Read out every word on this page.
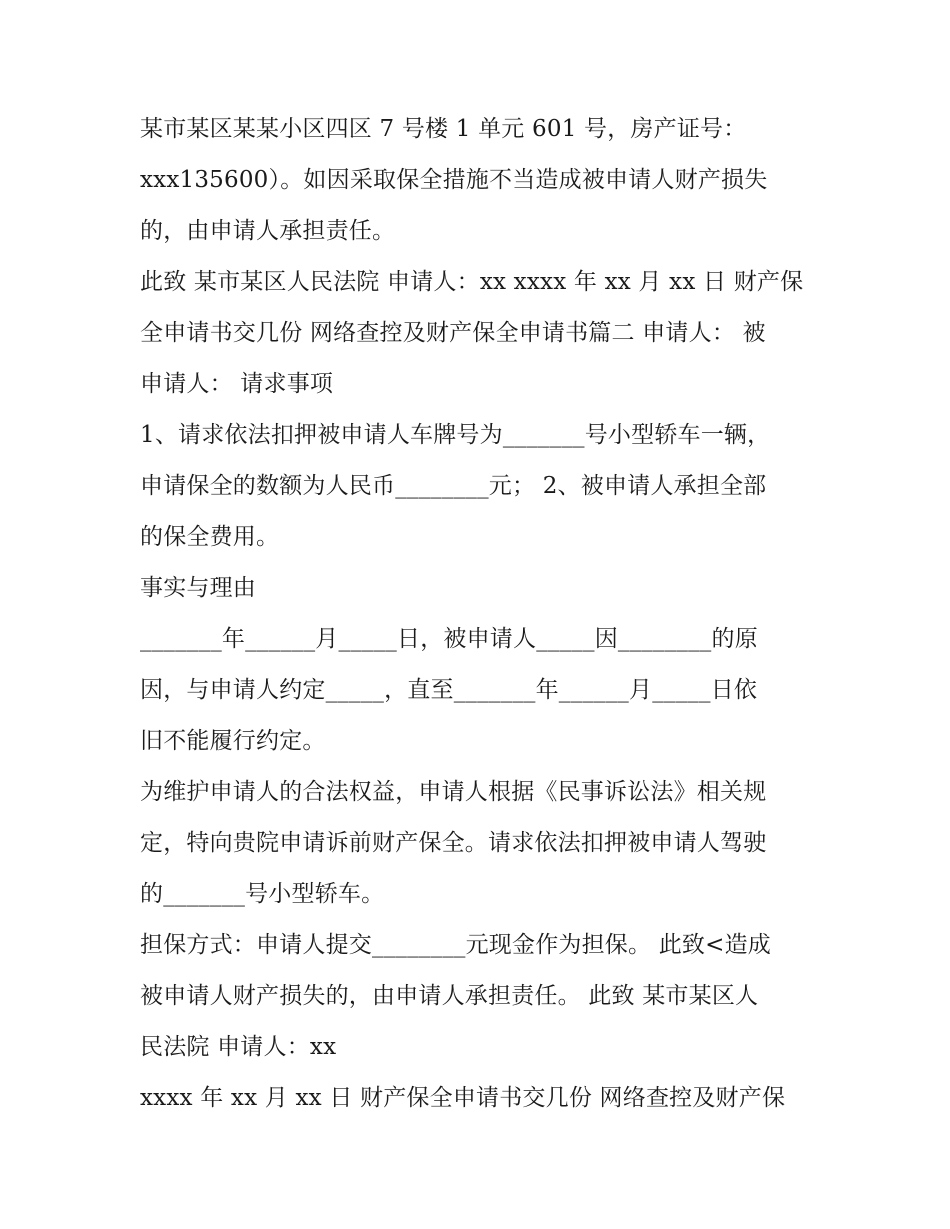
某市某区某某小区四区 7 号楼 1 单元 601 号，房产证号：
xxx135600）。如因采取保全措施不当造成被申请人财产损失
的，由申请人承担责任。
此致 某市某区人民法院 申请人：xx xxxx 年 xx 月 xx 日 财产保
全申请书交几份 网络查控及财产保全申请书篇二 申请人： 被
申请人： 请求事项
1、请求依法扣押被申请人车牌号为_______号小型轿车一辆，
申请保全的数额为人民币________元； 2、被申请人承担全部
的保全费用。
事实与理由
_______年______月_____日，被申请人_____因________的原
因，与申请人约定_____，直至_______年______月_____日依
旧不能履行约定。
为维护申请人的合法权益，申请人根据《民事诉讼法》相关规
定，特向贵院申请诉前财产保全。请求依法扣押被申请人驾驶
的_______号小型轿车。
担保方式：申请人提交________元现金作为担保。 此致<造成
被申请人财产损失的，由申请人承担责任。 此致 某市某区人
民法院 申请人：xx
xxxx 年 xx 月 xx 日 财产保全申请书交几份 网络查控及财产保
